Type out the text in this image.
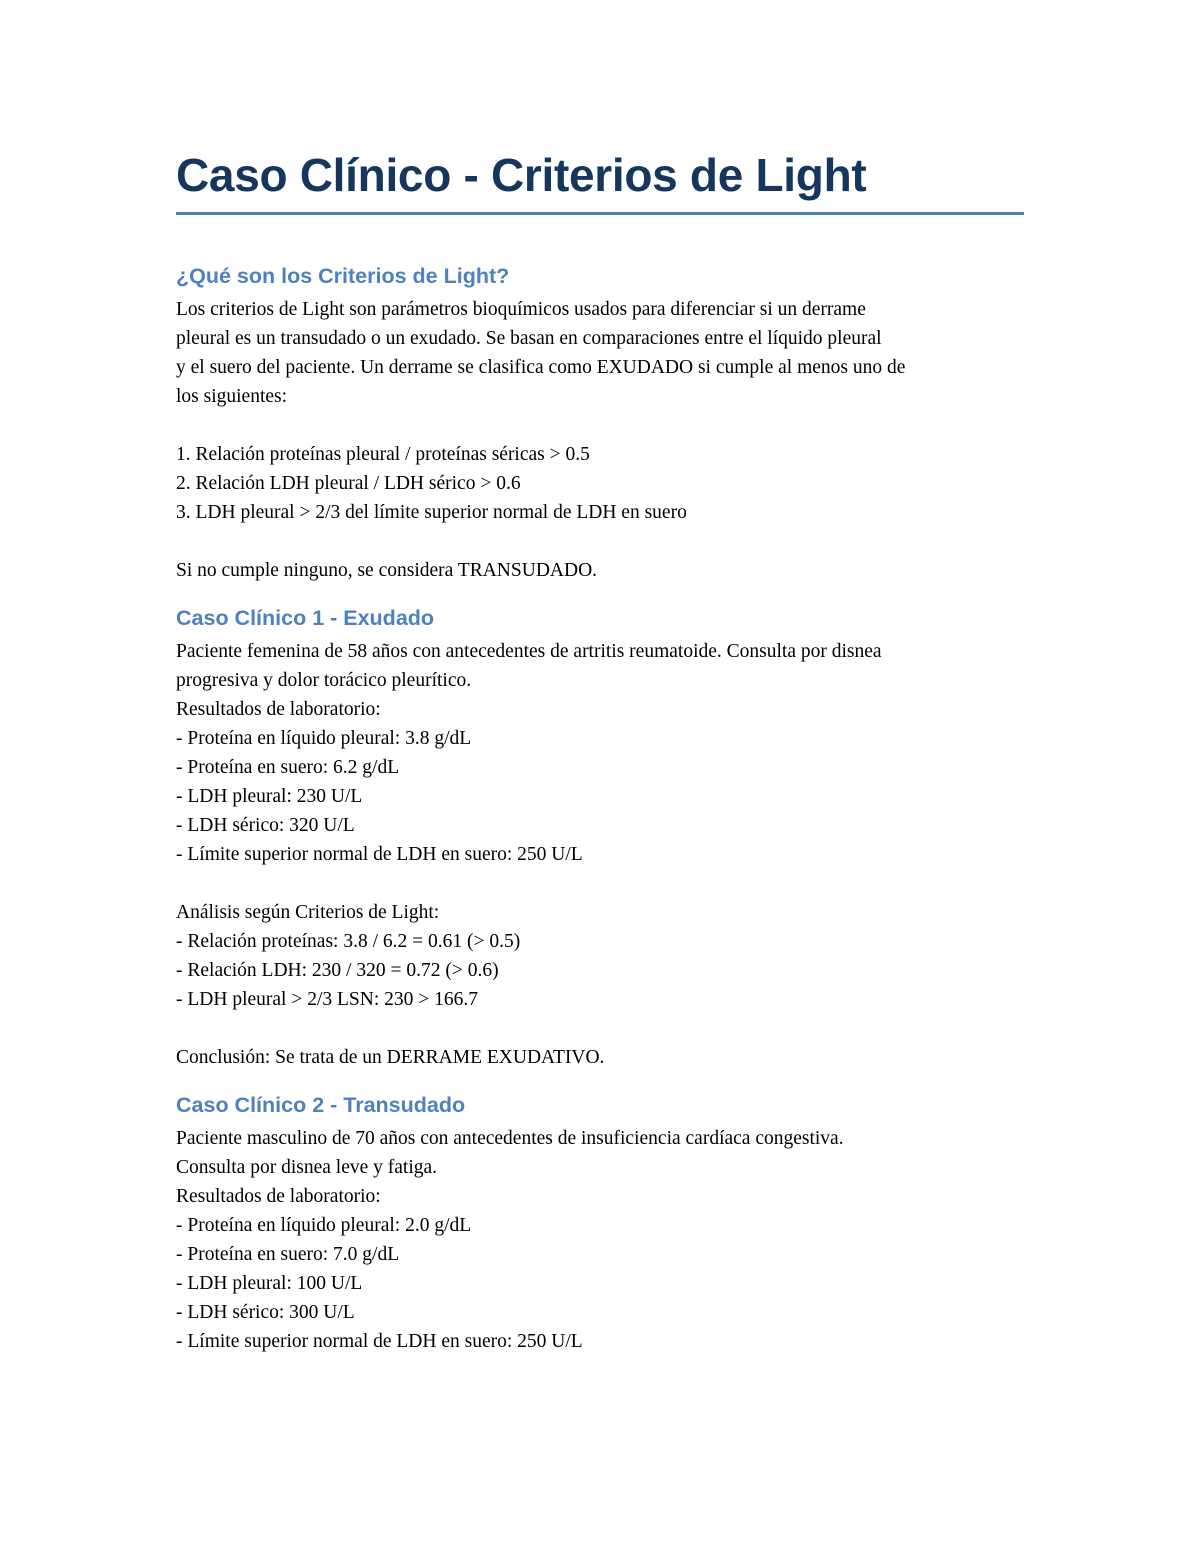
Caso Clínico - Criterios de Light
¿Qué son los Criterios de Light?

Los criterios de Light son parámetros bioquímicos usados para diferenciar si un derrame

pleural es un transudado o un exudado. Se basan en comparaciones entre el líquido pleural

y el suero del paciente. Un derrame se clasifica como EXUDADO si cumple al menos uno de

los siguientes:

1. Relación proteínas pleural / proteínas séricas > 0.5

2. Relación LDH pleural / LDH sérico > 0.6

3. LDH pleural > 2/3 del límite superior normal de LDH en suero

Si no cumple ninguno, se considera TRANSUDADO.

Caso Clínico 1 - Exudado

Paciente femenina de 58 años con antecedentes de artritis reumatoide. Consulta por disnea

progresiva y dolor torácico pleurítico.

Resultados de laboratorio:

- Proteína en líquido pleural: 3.8 g/dL

- Proteína en suero: 6.2 g/dL

- LDH pleural: 230 U/L

- LDH sérico: 320 U/L

- Límite superior normal de LDH en suero: 250 U/L

Análisis según Criterios de Light:

- Relación proteínas: 3.8 / 6.2 = 0.61 (> 0.5)

- Relación LDH: 230 / 320 = 0.72 (> 0.6)

- LDH pleural > 2/3 LSN: 230 > 166.7

Conclusión: Se trata de un DERRAME EXUDATIVO.

Caso Clínico 2 - Transudado

Paciente masculino de 70 años con antecedentes de insuficiencia cardíaca congestiva.

Consulta por disnea leve y fatiga.

Resultados de laboratorio:

- Proteína en líquido pleural: 2.0 g/dL

- Proteína en suero: 7.0 g/dL

- LDH pleural: 100 U/L

- LDH sérico: 300 U/L

- Límite superior normal de LDH en suero: 250 U/L
